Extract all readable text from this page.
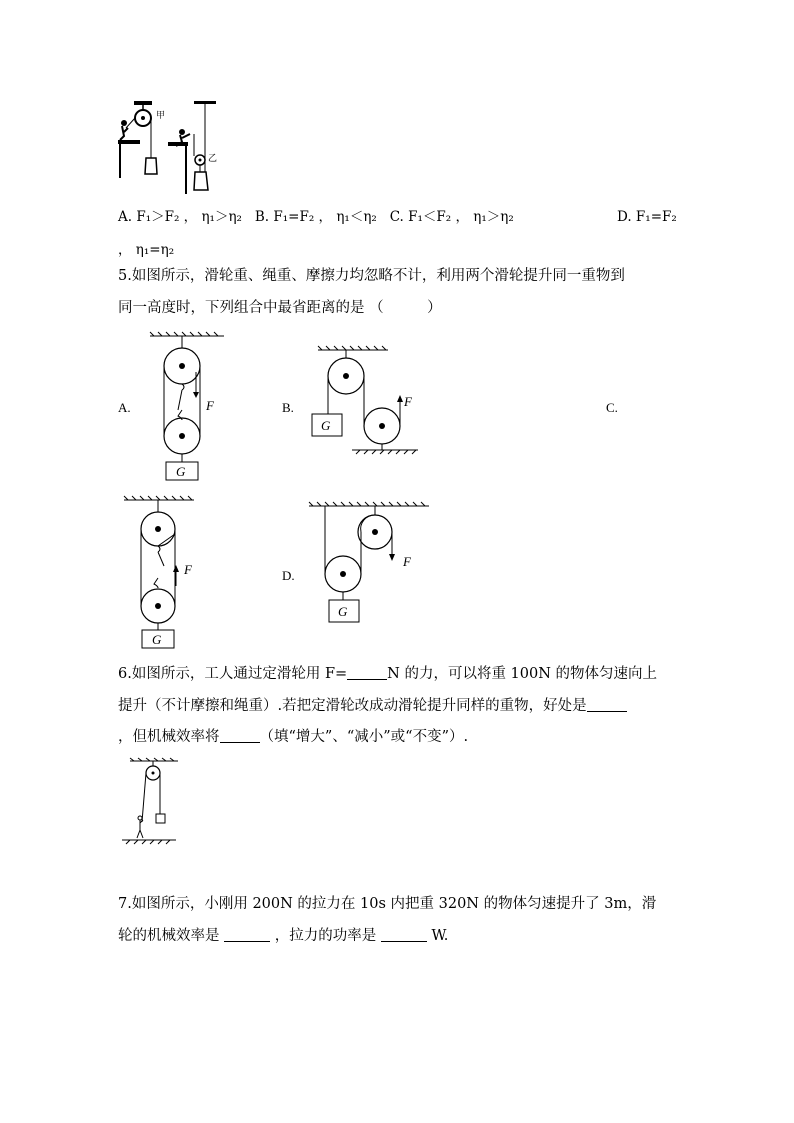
甲
乙
A. F₁＞F₂ ， η₁＞η₂ B. F₁=F₂ ， η₁＜η₂ C. F₁＜F₂ ， η₁＞η₂	D. F₁=F₂
， η₁=η₂
5.如图所示，滑轮重、绳重、摩擦力均忽略不计，利用两个滑轮提升同一重物到
同一高度时，下列组合中最省距离的是 （　　　）
A.	F
G
B.	F
G
C.
F
G
D.
F
G
6.如图所示，工人通过定滑轮用 F=	N 的力，可以将重 100N 的物体匀速向上
提升（不计摩擦和绳重）.若把定滑轮改成动滑轮提升同样的重物，好处是
，但机械效率将	（填“增大”、“减小”或“不变”）.
7.如图所示，小刚用 200N 的拉力在 10s 内把重 320N 的物体匀速提升了 3m，滑
轮的机械效率是	，拉力的功率是	W.
